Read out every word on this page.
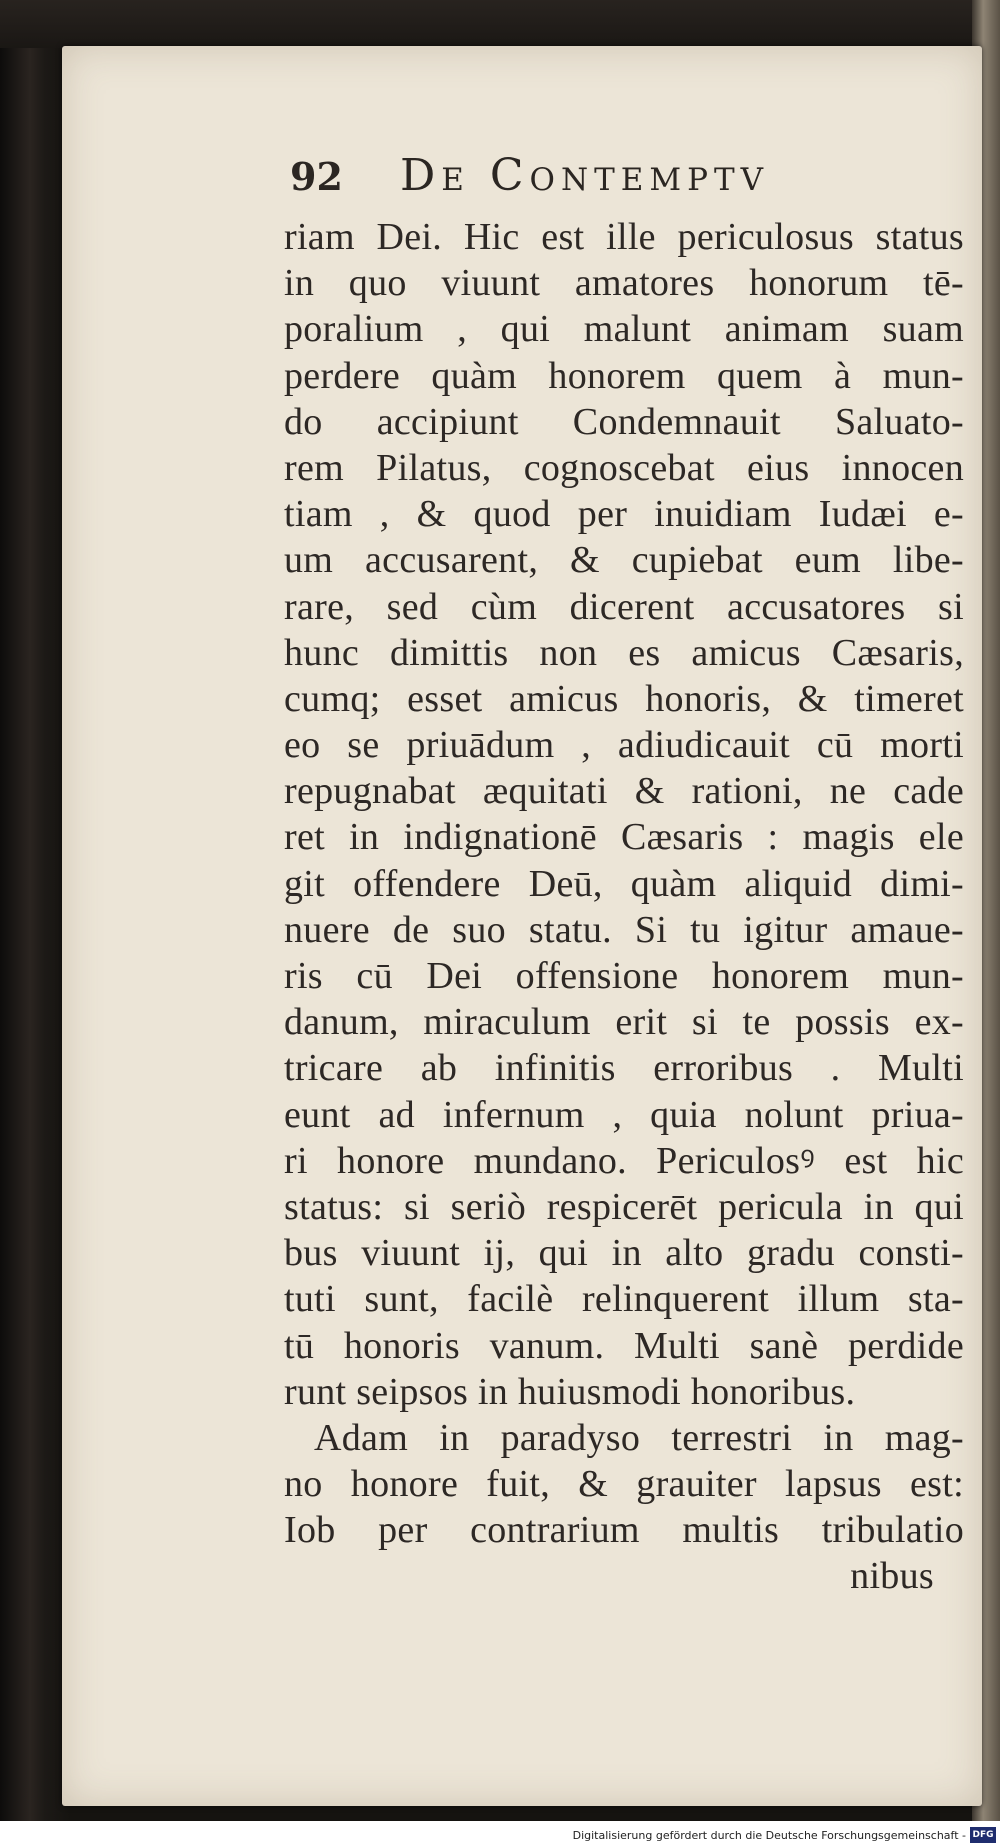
92	De Contemptv
riam Dei. Hic est ille periculosus status
in quo viuunt amatores honorum tē-
poralium , qui malunt animam suam
perdere quàm honorem quem à mun-
do accipiunt Condemnauit Saluato-
rem Pilatus, cognoscebat eius innocen
tiam , & quod per inuidiam Iudæi e-
um accusarent, & cupiebat eum libe-
rare, sed cùm dicerent accusatores si
hunc dimittis non es amicus Cæsaris,
cumq; esset amicus honoris, & timeret
eo se priuādum , adiudicauit cū morti
repugnabat æquitati & rationi, ne cade
ret in indignationē Cæsaris : magis ele
git offendere Deū, quàm aliquid dimi-
nuere de suo statu. Si tu igitur amaue-
ris cū Dei offensione honorem mun-
danum, miraculum erit si te possis ex-
tricare ab infinitis erroribus . Multi
eunt ad infernum , quia nolunt priua-
ri honore mundano. Periculosꝰ est hic
status: si seriò respicerēt pericula in qui
bus viuunt ij, qui in alto gradu consti-
tuti sunt, facilè relinquerent illum sta-
tū honoris vanum. Multi sanè perdide
runt seipsos in huiusmodi honoribus.
Adam in paradyso terrestri in mag-
no honore fuit, & grauiter lapsus est:
Iob per contrarium multis tribulatio
nibus
Digitalisierung gefördert durch die Deutsche Forschungsgemeinschaft - DFG
